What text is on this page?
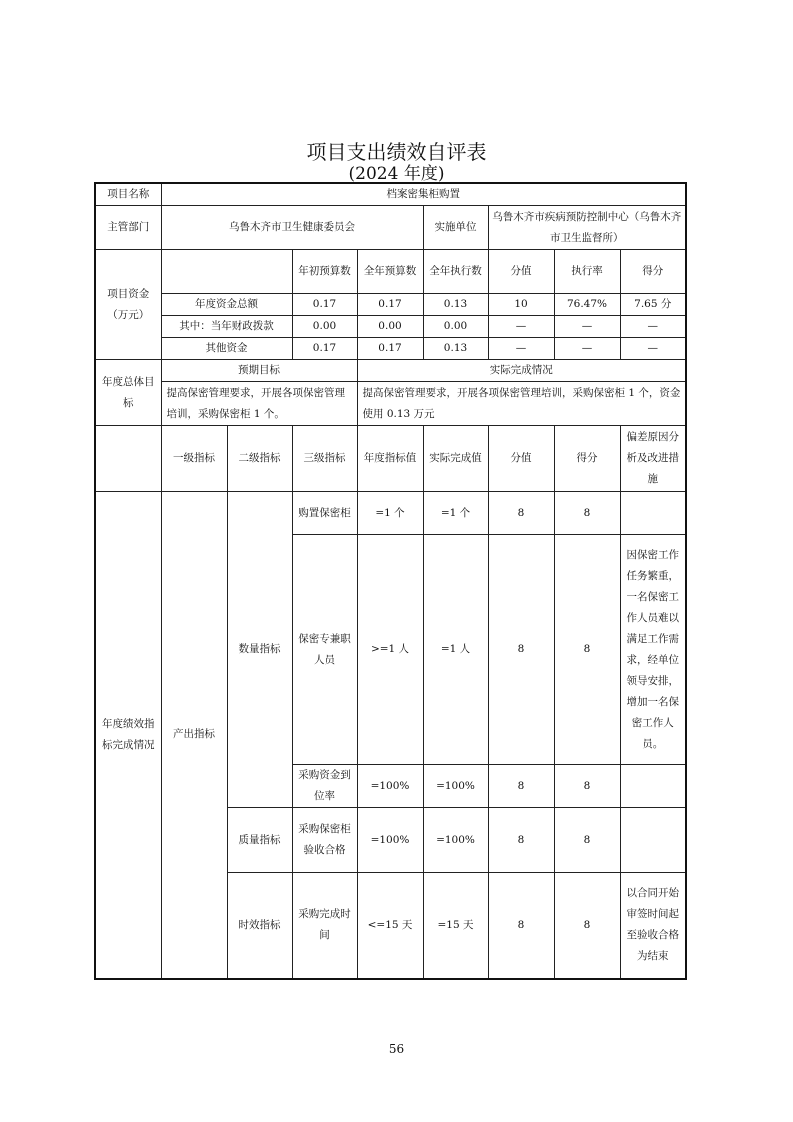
项目支出绩效自评表
(2024 年度)
项目名称	档案密集柜购置							
主管部门	乌鲁木齐市卫生健康委员会				实施单位	乌鲁木齐市疾病预防控制中心（乌鲁木齐市卫生监督所）		
项目资金（万元）			年初预算数	全年预算数	全年执行数	分值	执行率	得分
	年度资金总额		0.17	0.17	0.13	10	76.47%	7.65 分
	其中：当年财政拨款		0.00	0.00	0.00	—	—	—
	其他资金		0.17	0.17	0.13	—	—	—
年度总体目标	预期目标			实际完成情况				
	提高保密管理要求，开展各项保密管理培训，采购保密柜 1 个。			提高保密管理要求，开展各项保密管理培训，采购保密柜 1 个，资金使用 0.13 万元				
	一级指标	二级指标	三级指标	年度指标值	实际完成值	分值	得分	偏差原因分析及改进措施
年度绩效指标完成情况	产出指标	数量指标	购置保密柜	=1 个	=1 个	8	8	
			保密专兼职人员	>=1 人	=1 人	8	8	因保密工作任务繁重，一名保密工作人员难以满足工作需求，经单位领导安排，增加一名保密工作人员。
			采购资金到位率	=100%	=100%	8	8	
		质量指标	采购保密柜验收合格	=100%	=100%	8	8	
		时效指标	采购完成时间	<=15 天	=15 天	8	8	以合同开始审签时间起至验收合格为结束
56
